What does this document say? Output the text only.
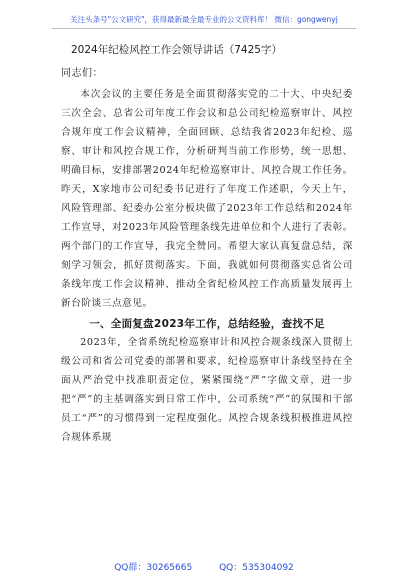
关注头条号"公文研究"，获得最新最全最专业的公文资料库！ 微信：gongwenyj
2024年纪检风控工作会领导讲话（7425字）
同志们：

本次会议的主要任务是全面贯彻落实党的二十大、中央纪委三次全会、总省公司年度工作会议和总公司纪检巡察审计、风控合规年度工作会议精神，全面回顾、总结我省2023年纪检、巡察、审计和风控合规工作，分析研判当前工作形势，统一思想、明确目标，安排部署2024年纪检巡察审计、风控合规工作任务。昨天，X家地市公司纪委书记进行了年度工作述职，今天上午，风险管理部、纪委办公室分板块做了2023年工作总结和2024年工作宣导，对2023年风险管理条线先进单位和个人进行了表彰。两个部门的工作宣导，我完全赞同。希望大家认真复盘总结，深刻学习领会，抓好贯彻落实。下面，我就如何贯彻落实总省公司条线年度工作会议精神、推动全省纪检风控工作高质量发展再上新台阶谈三点意见。

一、全面复盘2023年工作，总结经验，查找不足

2023年，全省系统纪检巡察审计和风控合规条线深入贯彻上级公司和省公司党委的部署和要求，纪检巡察审计条线坚持在全面从严治党中找准职责定位，紧紧围绕“严”字做文章，进一步把“严”的主基调落实到日常工作中，公司系统“严”的氛围和干部员工“严”的习惯得到一定程度强化。风控合规条线积极推进风控合规体系规

QQ群：30265665	QQ：535304092
